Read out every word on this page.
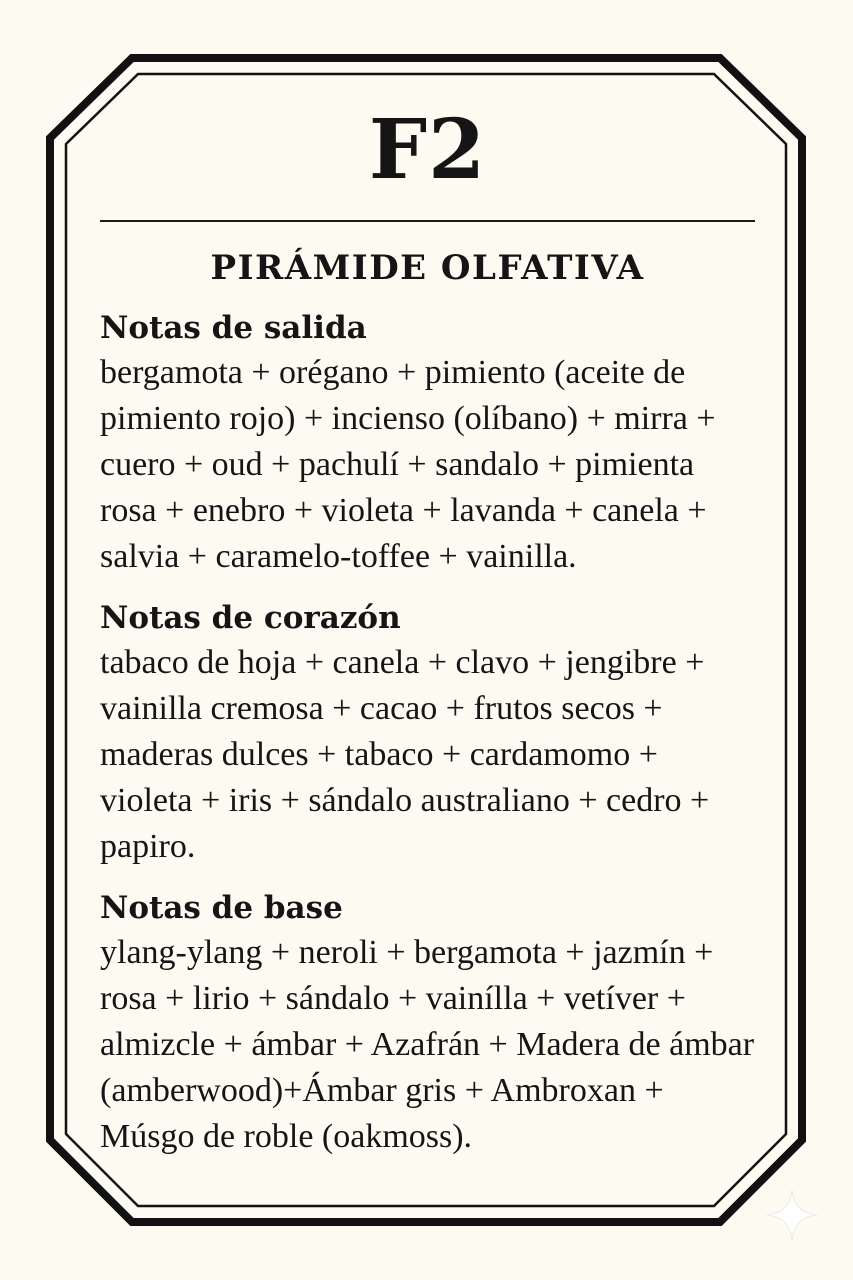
F2
PIRÁMIDE OLFATIVA
Notas de salida

bergamota + orégano + pimiento (aceite de pimiento rojo) + incienso (olíbano) + mirra + cuero + oud + pachulí + sandalo + pimienta rosa + enebro + violeta + lavanda + canela + salvia + caramelo-toffee + vainilla.

Notas de corazón

tabaco de hoja + canela + clavo + jengibre + vainilla cremosa + cacao + frutos secos + maderas dulces + tabaco + cardamomo + violeta + iris + sándalo australiano + cedro + papiro.

Notas de base

ylang-ylang + neroli + bergamota + jazmín + rosa + lirio + sándalo + vainílla + vetíver + almizcle + ámbar + Azafrán + Madera de ámbar (amberwood)+Ámbar gris + Ambroxan + Músgo de roble (oakmoss).
